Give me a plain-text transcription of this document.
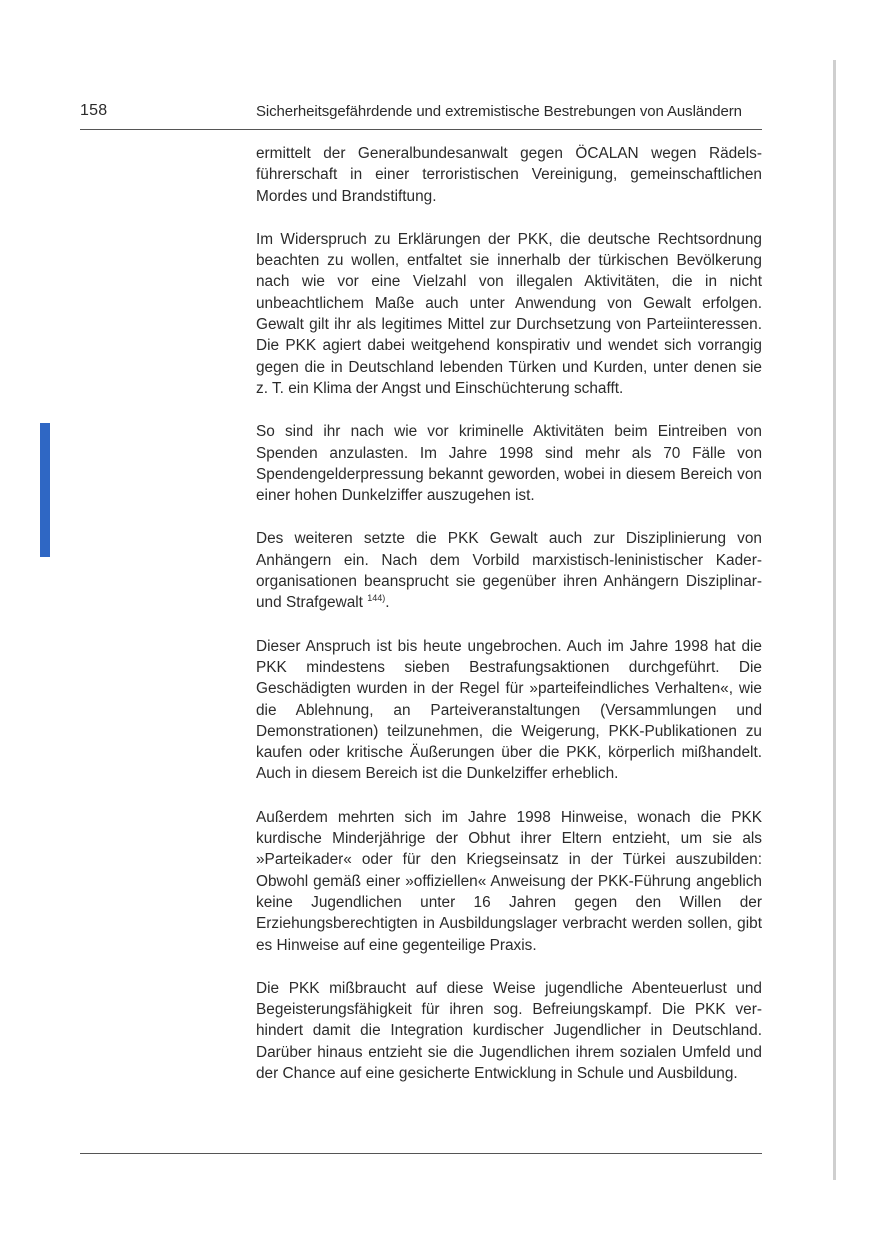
158	Sicherheitsgefährdende und extremistische Bestrebungen von Ausländern

ermittelt der Generalbundesanwalt gegen ÖCALAN wegen Rädelsführerschaft in einer terroristischen Vereinigung, gemeinschaftlichen Mordes und Brandstiftung.

Im Widerspruch zu Erklärungen der PKK, die deutsche Rechtsordnung beachten zu wollen, entfaltet sie innerhalb der türkischen Bevölkerung nach wie vor eine Vielzahl von illegalen Aktivitäten, die in nicht unbeachtlichem Maße auch unter Anwendung von Gewalt erfolgen. Gewalt gilt ihr als legitimes Mittel zur Durchsetzung von Parteiinteressen. Die PKK agiert dabei weitgehend konspirativ und wendet sich vorrangig gegen die in Deutschland lebenden Türken und Kurden, unter denen sie z. T. ein Klima der Angst und Einschüchterung schafft.

So sind ihr nach wie vor kriminelle Aktivitäten beim Eintreiben von Spenden anzulasten. Im Jahre 1998 sind mehr als 70 Fälle von Spendengelderpressung bekannt geworden, wobei in diesem Bereich von einer hohen Dunkelziffer auszugehen ist.

Des weiteren setzte die PKK Gewalt auch zur Disziplinierung von Anhängern ein. Nach dem Vorbild marxistisch-leninistischer Kaderorganisationen beansprucht sie gegenüber ihren Anhängern Disziplinar- und Strafgewalt $^{144)}$.

Dieser Anspruch ist bis heute ungebrochen. Auch im Jahre 1998 hat die PKK mindestens sieben Bestrafungsaktionen durchgeführt. Die Geschädigten wurden in der Regel für »parteifeindliches Verhalten«, wie die Ablehnung, an Parteiveranstaltungen (Versammlungen und Demonstrationen) teilzunehmen, die Weigerung, PKK-Publikationen zu kaufen oder kritische Äußerungen über die PKK, körperlich mißhandelt. Auch in diesem Bereich ist die Dunkelziffer erheblich.

Außerdem mehrten sich im Jahre 1998 Hinweise, wonach die PKK kurdische Minderjährige der Obhut ihrer Eltern entzieht, um sie als »Parteikader« oder für den Kriegseinsatz in der Türkei auszubilden: Obwohl gemäß einer »offiziellen« Anweisung der PKK-Führung angeblich keine Jugendlichen unter 16 Jahren gegen den Willen der Erziehungsberechtigten in Ausbildungslager verbracht werden sollen, gibt es Hinweise auf eine gegenteilige Praxis.

Die PKK mißbraucht auf diese Weise jugendliche Abenteuerlust und Begeisterungsfähigkeit für ihren sog. Befreiungskampf. Die PKK verhindert damit die Integration kurdischer Jugendlicher in Deutschland. Darüber hinaus entzieht sie die Jugendlichen ihrem sozialen Umfeld und der Chance auf eine gesicherte Entwicklung in Schule und Ausbildung.
